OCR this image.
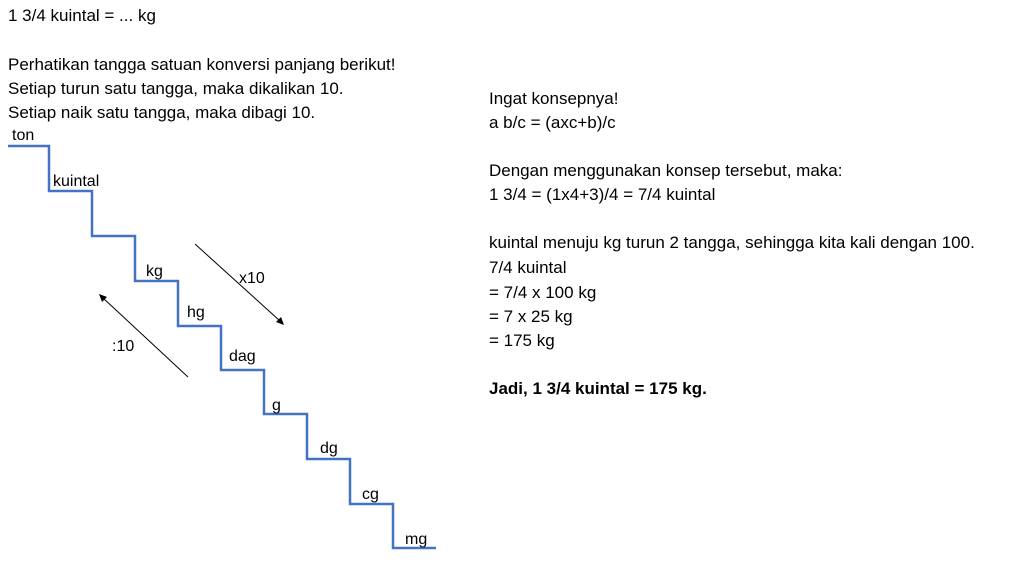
1 3/4 kuintal = ... kg
Perhatikan tangga satuan konversi panjang berikut!
Setiap turun satu tangga, maka dikalikan 10.
Setiap naik satu tangga, maka dibagi 10.
ton
kuintal
kg
hg
dag
g
dg
cg
mg
x10
:10
Ingat konsepnya!
a b/c = (axc+b)/c
Dengan menggunakan konsep tersebut, maka:
1 3/4 = (1x4+3)/4 = 7/4 kuintal
kuintal menuju kg turun 2 tangga, sehingga kita kali dengan 100.
7/4 kuintal
= 7/4 x 100 kg
= 7 x 25 kg
= 175 kg
Jadi, 1 3/4 kuintal = 175 kg.
